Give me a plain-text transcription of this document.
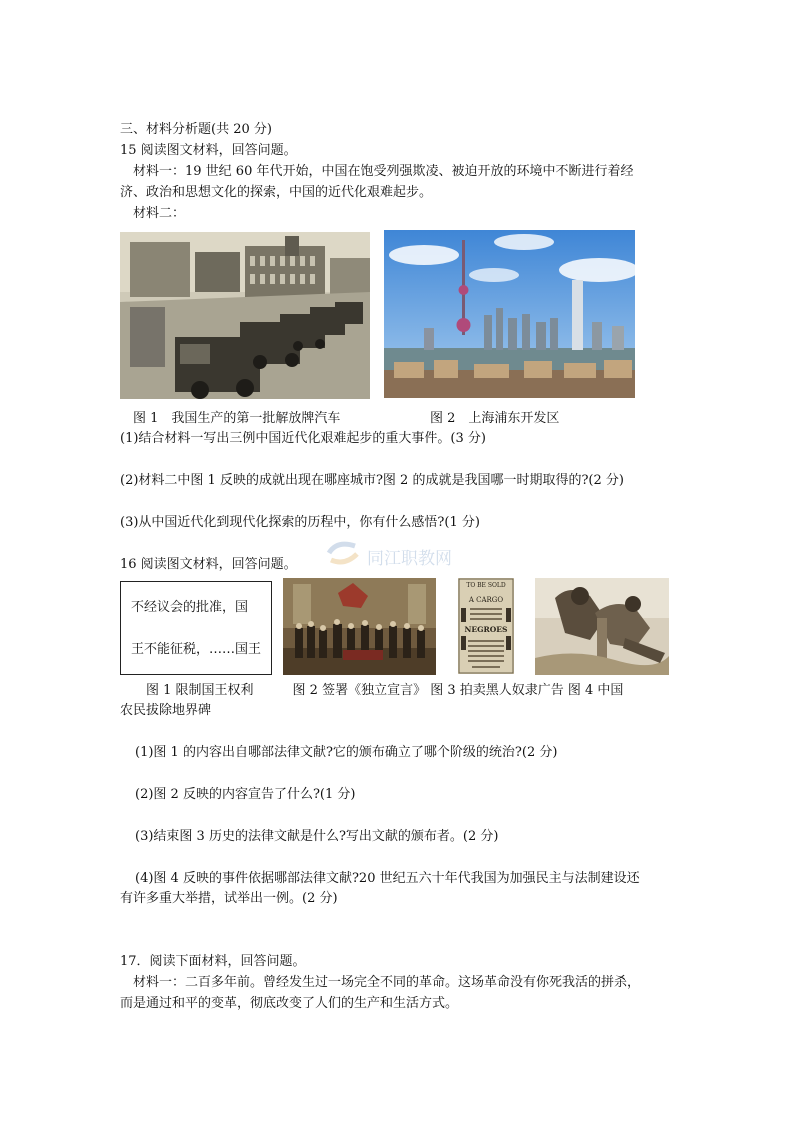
三、材料分析题(共 20 分)
15 阅读图文材料，回答问题。
材料一：19 世纪 60 年代开始，中国在饱受列强欺凌、被迫开放的环境中不断进行着经
济、政治和思想文化的探索，中国的近代化艰难起步。
材料二：
图 1　我国生产的第一批解放牌汽车	图 2　上海浦东开发区
(1)结合材料一写出三例中国近代化艰难起步的重大事件。(3 分)
(2)材料二中图 1 反映的成就出现在哪座城市?图 2 的成就是我国哪一时期取得的?(2 分)
(3)从中国近代化到现代化探索的历程中，你有什么感悟?(1 分)
同江职教网
16 阅读图文材料，回答问题。
不经议会的批准，国
王不能征税，……国王
TO BE SOLD
A CARGO
NEGROES
图 1 限制国王权利　　　图 2 签署《独立宣言》 图 3 拍卖黑人奴隶广告 图 4 中国
农民拔除地界碑
(1)图 1 的内容出自哪部法律文献?它的颁布确立了哪个阶级的统治?(2 分)
(2)图 2 反映的内容宣告了什么?(1 分)
(3)结束图 3 历史的法律文献是什么?写出文献的颁布者。(2 分)
(4)图 4 反映的事件依据哪部法律文献?20 世纪五六十年代我国为加强民主与法制建设还
有许多重大举措，试举出一例。(2 分)
17．阅读下面材料，回答问题。
材料一：二百多年前。曾经发生过一场完全不同的革命。这场革命没有你死我活的拼杀，
而是通过和平的变革，彻底改变了人们的生产和生活方式。
